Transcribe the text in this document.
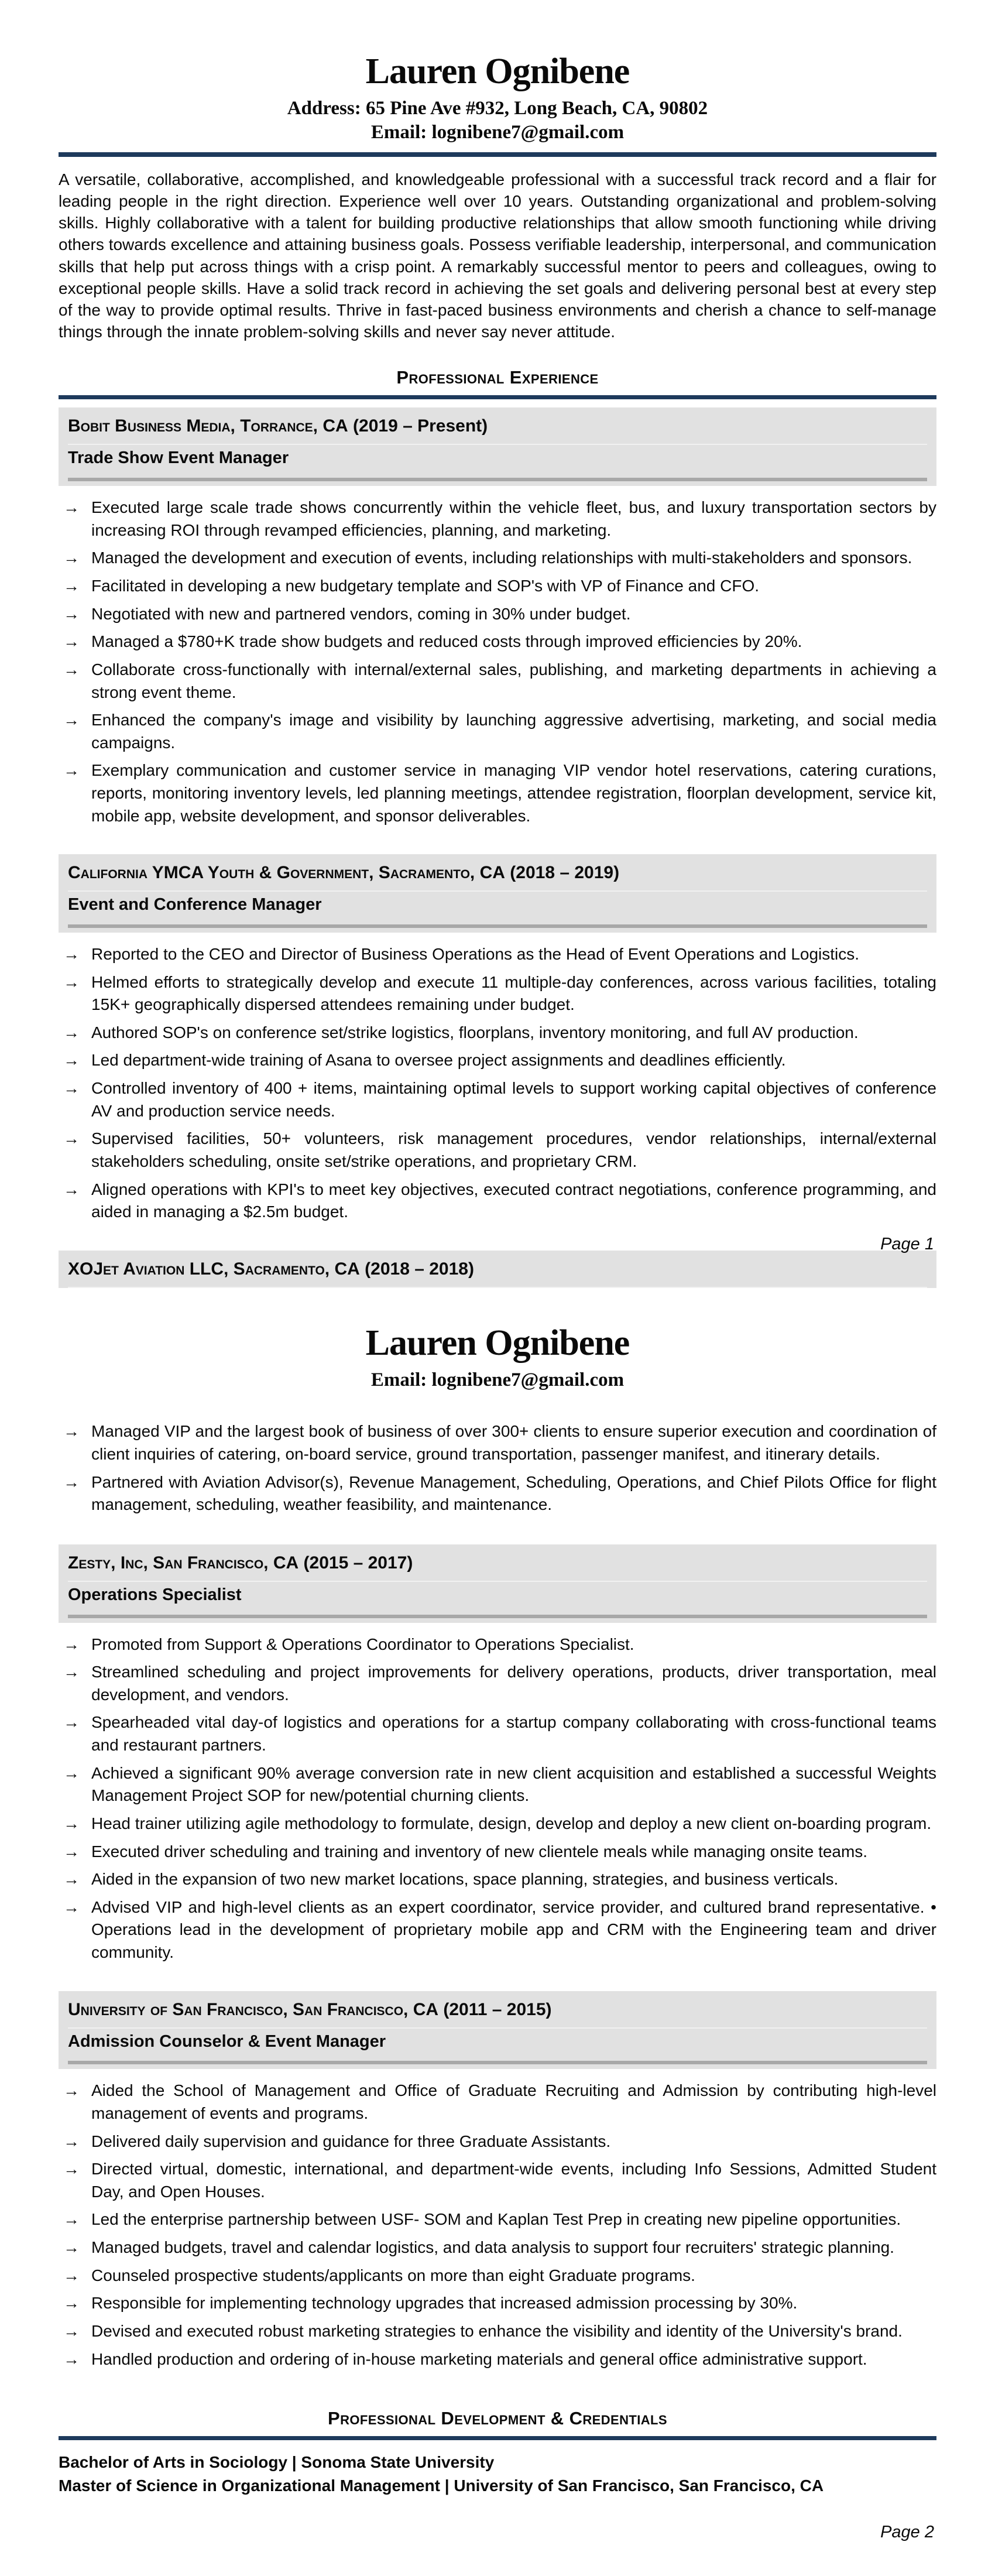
Lauren Ognibene
Address: 65 Pine Ave #932, Long Beach, CA, 90802
Email: lognibene7@gmail.com

A versatile, collaborative, accomplished, and knowledgeable professional with a successful track record and a flair for leading people in the right direction. Experience well over 10 years. Outstanding organizational and problem-solving skills. Highly collaborative with a talent for building productive relationships that allow smooth functioning while driving others towards excellence and attaining business goals. Possess verifiable leadership, interpersonal, and communication skills that help put across things with a crisp point. A remarkably successful mentor to peers and colleagues, owing to exceptional people skills. Have a solid track record in achieving the set goals and delivering personal best at every step of the way to provide optimal results. Thrive in fast-paced business environments and cherish a chance to self-manage things through the innate problem-solving skills and never say never attitude.

Professional Experience
Bobit Business Media, Torrance, CA (2019 – Present)
Trade Show Event Manager
→ Executed large scale trade shows concurrently within the vehicle fleet, bus, and luxury transportation sectors by increasing ROI through revamped efficiencies, planning, and marketing.
→ Managed the development and execution of events, including relationships with multi-stakeholders and sponsors.
→ Facilitated in developing a new budgetary template and SOP's with VP of Finance and CFO.
→ Negotiated with new and partnered vendors, coming in 30% under budget.
→ Managed a $780+K trade show budgets and reduced costs through improved efficiencies by 20%.
→ Collaborate cross-functionally with internal/external sales, publishing, and marketing departments in achieving a strong event theme.
→ Enhanced the company's image and visibility by launching aggressive advertising, marketing, and social media campaigns.
→ Exemplary communication and customer service in managing VIP vendor hotel reservations, catering curations, reports, monitoring inventory levels, led planning meetings, attendee registration, floorplan development, service kit, mobile app, website development, and sponsor deliverables.
California YMCA Youth & Government, Sacramento, CA (2018 – 2019)
Event and Conference Manager
→ Reported to the CEO and Director of Business Operations as the Head of Event Operations and Logistics.
→ Helmed efforts to strategically develop and execute 11 multiple-day conferences, across various facilities, totaling 15K+ geographically dispersed attendees remaining under budget.
→ Authored SOP's on conference set/strike logistics, floorplans, inventory monitoring, and full AV production.
→ Led department-wide training of Asana to oversee project assignments and deadlines efficiently.
→ Controlled inventory of 400 + items, maintaining optimal levels to support working capital objectives of conference AV and production service needs.
→ Supervised facilities, 50+ volunteers, risk management procedures, vendor relationships, internal/external stakeholders scheduling, onsite set/strike operations, and proprietary CRM.
→ Aligned operations with KPI's to meet key objectives, executed contract negotiations, conference programming, and aided in managing a $2.5m budget.
XOJet Aviation LLC, Sacramento, CA (2018 – 2018)
Page 1
Lauren Ognibene
Email: lognibene7@gmail.com
→ Managed VIP and the largest book of business of over 300+ clients to ensure superior execution and coordination of client inquiries of catering, on-board service, ground transportation, passenger manifest, and itinerary details.
→ Partnered with Aviation Advisor(s), Revenue Management, Scheduling, Operations, and Chief Pilots Office for flight management, scheduling, weather feasibility, and maintenance.
Zesty, Inc, San Francisco, CA (2015 – 2017)
Operations Specialist
→ Promoted from Support & Operations Coordinator to Operations Specialist.
→ Streamlined scheduling and project improvements for delivery operations, products, driver transportation, meal development, and vendors.
→ Spearheaded vital day-of logistics and operations for a startup company collaborating with cross-functional teams and restaurant partners.
→ Achieved a significant 90% average conversion rate in new client acquisition and established a successful Weights Management Project SOP for new/potential churning clients.
→ Head trainer utilizing agile methodology to formulate, design, develop and deploy a new client on-boarding program.
→ Executed driver scheduling and training and inventory of new clientele meals while managing onsite teams.
→ Aided in the expansion of two new market locations, space planning, strategies, and business verticals.
→ Advised VIP and high-level clients as an expert coordinator, service provider, and cultured brand representative. • Operations lead in the development of proprietary mobile app and CRM with the Engineering team and driver community.
University of San Francisco, San Francisco, CA (2011 – 2015)
Admission Counselor & Event Manager
→ Aided the School of Management and Office of Graduate Recruiting and Admission by contributing high-level management of events and programs.
→ Delivered daily supervision and guidance for three Graduate Assistants.
→ Directed virtual, domestic, international, and department-wide events, including Info Sessions, Admitted Student Day, and Open Houses.
→ Led the enterprise partnership between USF- SOM and Kaplan Test Prep in creating new pipeline opportunities.
→ Managed budgets, travel and calendar logistics, and data analysis to support four recruiters' strategic planning.
→ Counseled prospective students/applicants on more than eight Graduate programs.
→ Responsible for implementing technology upgrades that increased admission processing by 30%.
→ Devised and executed robust marketing strategies to enhance the visibility and identity of the University's brand.
→ Handled production and ordering of in-house marketing materials and general office administrative support.
Professional Development & Credentials
Bachelor of Arts in Sociology | Sonoma State University
Master of Science in Organizational Management | University of San Francisco, San Francisco, CA
Page 2
